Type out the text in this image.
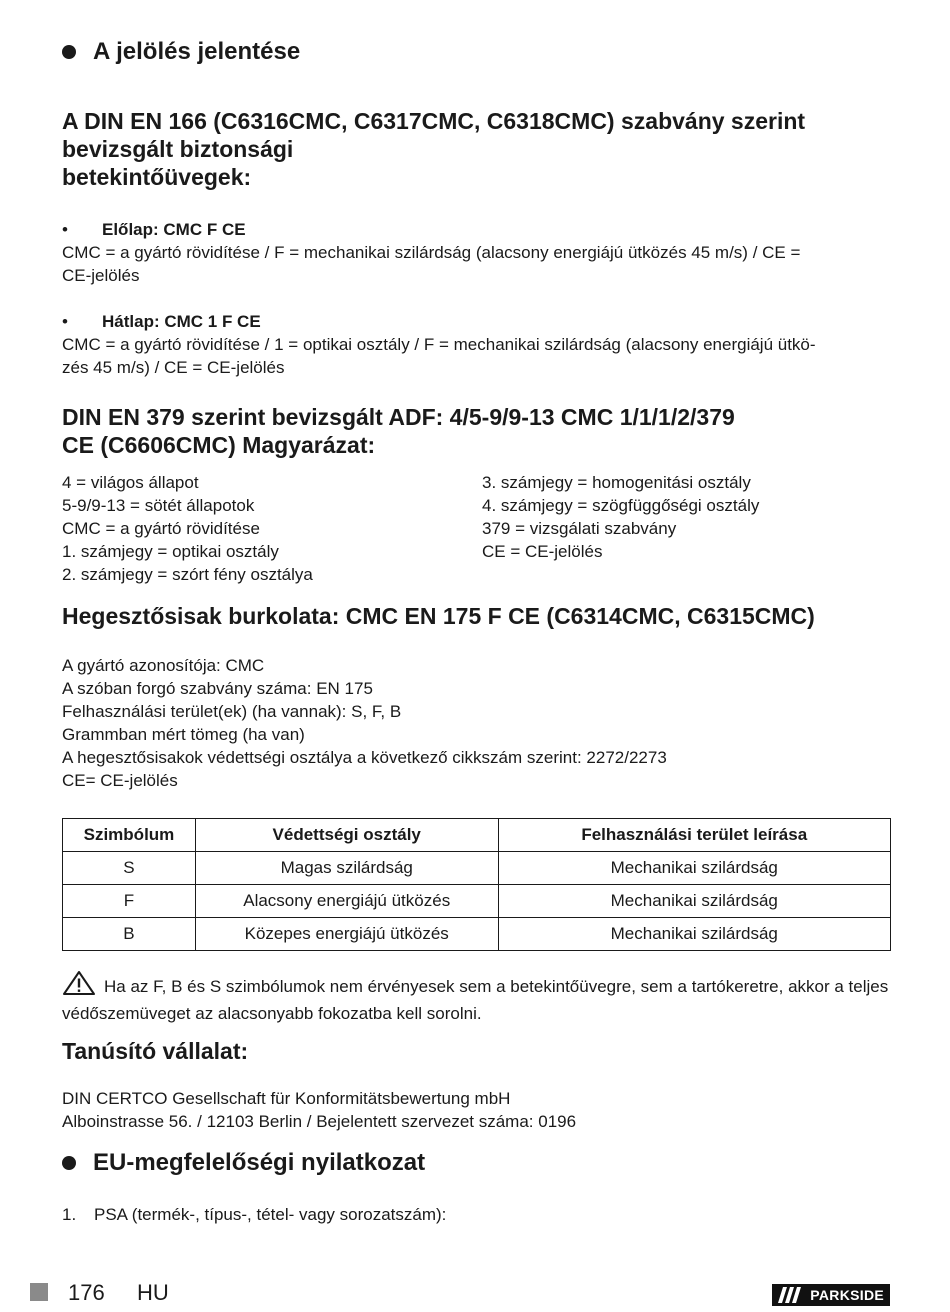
A jelölés jelentése
A DIN EN 166 (C6316CMC, C6317CMC, C6318CMC) szabvány szerint
bevizsgált biztonsági
betekintőüvegek:
•	Előlap: CMC F CE
CMC = a gyártó rövidítése / F = mechanikai szilárdság (alacsony energiájú ütközés 45 m/s) / CE =
CE-jelölés
•	Hátlap: CMC 1 F CE
CMC = a gyártó rövidítése / 1 = optikai osztály / F = mechanikai szilárdság (alacsony energiájú ütkö-
zés 45 m/s) / CE = CE-jelölés
DIN EN 379 szerint bevizsgált ADF: 4/5-9/9-13 CMC 1/1/1/2/379
CE (C6606CMC) Magyarázat:
4 = világos állapot
5-9/9-13 = sötét állapotok
CMC = a gyártó rövidítése
1. számjegy = optikai osztály
2. számjegy = szórt fény osztálya
3. számjegy = homogenitási osztály
4. számjegy = szögfüggőségi osztály
379 = vizsgálati szabvány
CE = CE-jelölés
Hegesztősisak burkolata: CMC EN 175 F CE (C6314CMC, C6315CMC)
A gyártó azonosítója: CMC
A szóban forgó szabvány száma: EN 175
Felhasználási terület(ek) (ha vannak): S, F, B
Grammban mért tömeg (ha van)
A hegesztősisakok védettségi osztálya a következő cikkszám szerint: 2272/2273
CE= CE-jelölés
Szimbólum	Védettségi osztály	Felhasználási terület leírása
S	Magas szilárdság	Mechanikai szilárdság
F	Alacsony energiájú ütközés	Mechanikai szilárdság
B	Közepes energiájú ütközés	Mechanikai szilárdság
Ha az F, B és S szimbólumok nem érvényesek sem a betekintőüvegre, sem a tartókeretre, akkor a teljes védőszemüveget az alacsonyabb fokozatba kell sorolni.
Tanúsító vállalat:
DIN CERTCO Gesellschaft für Konformitätsbewertung mbH
Alboinstrasse 56. / 12103 Berlin / Bejelentett szervezet száma: 0196
EU-megfelelőségi nyilatkozat
1.	PSA (termék-, típus-, tétel- vagy sorozatszám):
176 HU	PARKSIDE
